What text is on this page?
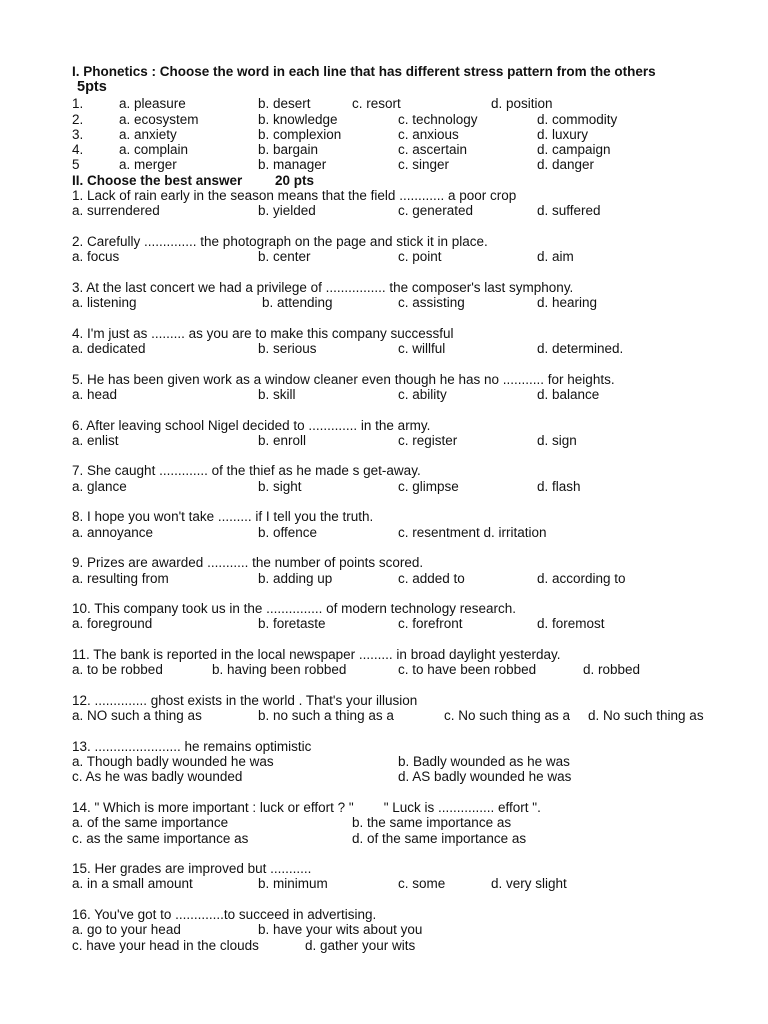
I. Phonetics : Choose the word in each line that has different stress pattern from the others
5pts
1.	a. pleasure	b. desert	c. resort	d. position
2.	a. ecosystem	b. knowledge	c. technology	d. commodity
3.	a. anxiety	b. complexion	c. anxious	d. luxury
4.	a. complain	b. bargain	c. ascertain	d. campaign
5	a. merger	b. manager	c. singer	d. danger
II. Choose the best answer 20 pts
1. Lack of rain early in the season means that the field ............ a poor crop
a. surrendered	b. yielded	c. generated	d. suffered
2. Carefully .............. the photograph on the page and stick it in place.
a. focus	b. center	c. point	d. aim
3. At the last concert we had a privilege of ................ the composer's last symphony.
a. listening	b. attending	c. assisting	d. hearing
4. I'm just as ......... as you are to make this company successful
a. dedicated	b. serious	c. willful	d. determined.
5. He has been given work as a window cleaner even though he has no ........... for heights.
a. head	b. skill	c. ability	d. balance
6. After leaving school Nigel decided to ............. in the army.
a. enlist	b. enroll	c. register	d. sign
7. She caught ............. of the thief as he made s get-away.
a. glance	b. sight	c. glimpse	d. flash
8. I hope you won't take ......... if I tell you the truth.
a. annoyance	b. offence	c. resentment d. irritation
9. Prizes are awarded ........... the number of points scored.
a. resulting from	b. adding up	c. added to	d. according to
10. This company took us in the ............... of modern technology research.
a. foreground	b. foretaste	c. forefront	d. foremost
11. The bank is reported in the local newspaper ......... in broad daylight yesterday.
a. to be robbed	b. having been robbed	c. to have been robbed	d. robbed
12. .............. ghost exists in the world . That's your illusion
a. NO such a thing as	b. no such a thing as a	c. No such thing as a d. No such thing as
13. ....................... he remains optimistic
a. Though badly wounded he was	b. Badly wounded as he was
c. As he was badly wounded	d. AS badly wounded he was
14. " Which is more important : luck or effort ? "        " Luck is ............... effort ".
a. of the same importance	b. the same importance as
c. as the same importance as	d. of the same importance as
15. Her grades are improved but ...........
a. in a small amount	b. minimum	c. some	d. very slight
16. You've got to .............to succeed in advertising.
a. go to your head	b. have your wits about you
c. have your head in the clouds	d. gather your wits
